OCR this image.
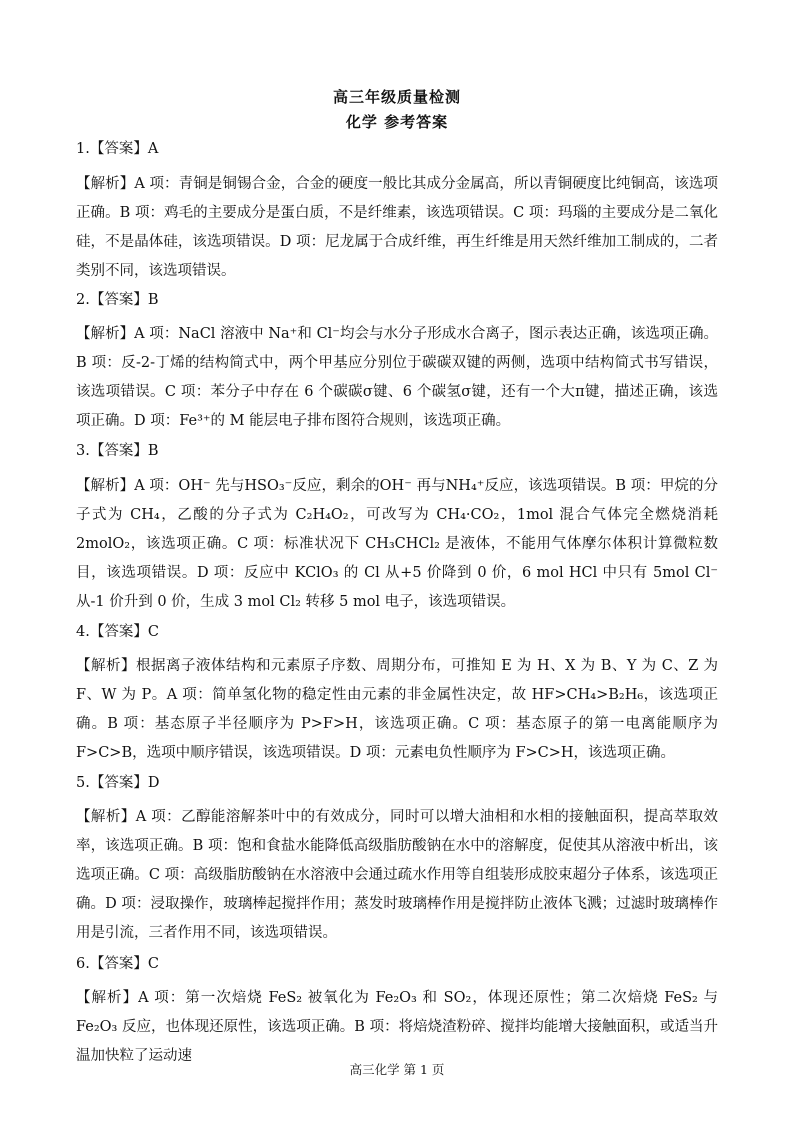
高三年级质量检测
化学 参考答案
1.【答案】A
【解析】A 项：青铜是铜锡合金，合金的硬度一般比其成分金属高，所以青铜硬度比纯铜高，该选项正确。B 项：鸡毛的主要成分是蛋白质，不是纤维素，该选项错误。C 项：玛瑙的主要成分是二氧化硅，不是晶体硅，该选项错误。D 项：尼龙属于合成纤维，再生纤维是用天然纤维加工制成的，二者类别不同，该选项错误。
2.【答案】B
【解析】A 项：NaCl 溶液中 Na⁺和 Cl⁻均会与水分子形成水合离子，图示表达正确，该选项正确。B 项：反-2-丁烯的结构简式中，两个甲基应分别位于碳碳双键的两侧，选项中结构简式书写错误，该选项错误。C 项：苯分子中存在 6 个碳碳σ键、6 个碳氢σ键，还有一个大π键，描述正确，该选项正确。D 项：Fe³⁺的 M 能层电子排布图符合规则，该选项正确。
3.【答案】B
【解析】A 项：OH⁻ 先与HSO₃⁻反应，剩余的OH⁻ 再与NH₄⁺反应，该选项错误。B 项：甲烷的分子式为 CH₄，乙酸的分子式为 C₂H₄O₂，可改写为 CH₄·CO₂，1mol 混合气体完全燃烧消耗 2molO₂，该选项正确。C 项：标准状况下 CH₃CHCl₂ 是液体，不能用气体摩尔体积计算微粒数目，该选项错误。D 项：反应中 KClO₃ 的 Cl 从+5 价降到 0 价，6 mol HCl 中只有 5mol Cl⁻ 从-1 价升到 0 价，生成 3 mol Cl₂ 转移 5 mol 电子，该选项错误。
4.【答案】C
【解析】根据离子液体结构和元素原子序数、周期分布，可推知 E 为 H、X 为 B、Y 为 C、Z 为 F、W 为 P。A 项：简单氢化物的稳定性由元素的非金属性决定，故 HF>CH₄>B₂H₆，该选项正确。B 项：基态原子半径顺序为 P>F>H，该选项正确。C 项：基态原子的第一电离能顺序为 F>C>B，选项中顺序错误，该选项错误。D 项：元素电负性顺序为 F>C>H，该选项正确。
5.【答案】D
【解析】A 项：乙醇能溶解茶叶中的有效成分，同时可以增大油相和水相的接触面积，提高萃取效率，该选项正确。B 项：饱和食盐水能降低高级脂肪酸钠在水中的溶解度，促使其从溶液中析出，该选项正确。C 项：高级脂肪酸钠在水溶液中会通过疏水作用等自组装形成胶束超分子体系，该选项正确。D 项：浸取操作，玻璃棒起搅拌作用；蒸发时玻璃棒作用是搅拌防止液体飞溅；过滤时玻璃棒作用是引流，三者作用不同，该选项错误。
6.【答案】C
【解析】A 项：第一次焙烧 FeS₂ 被氧化为 Fe₂O₃ 和 SO₂，体现还原性；第二次焙烧 FeS₂ 与 Fe₂O₃ 反应，也体现还原性，该选项正确。B 项：将焙烧渣粉碎、搅拌均能增大接触面积，或适当升温加快粒了运动速
高三化学 第 1 页
